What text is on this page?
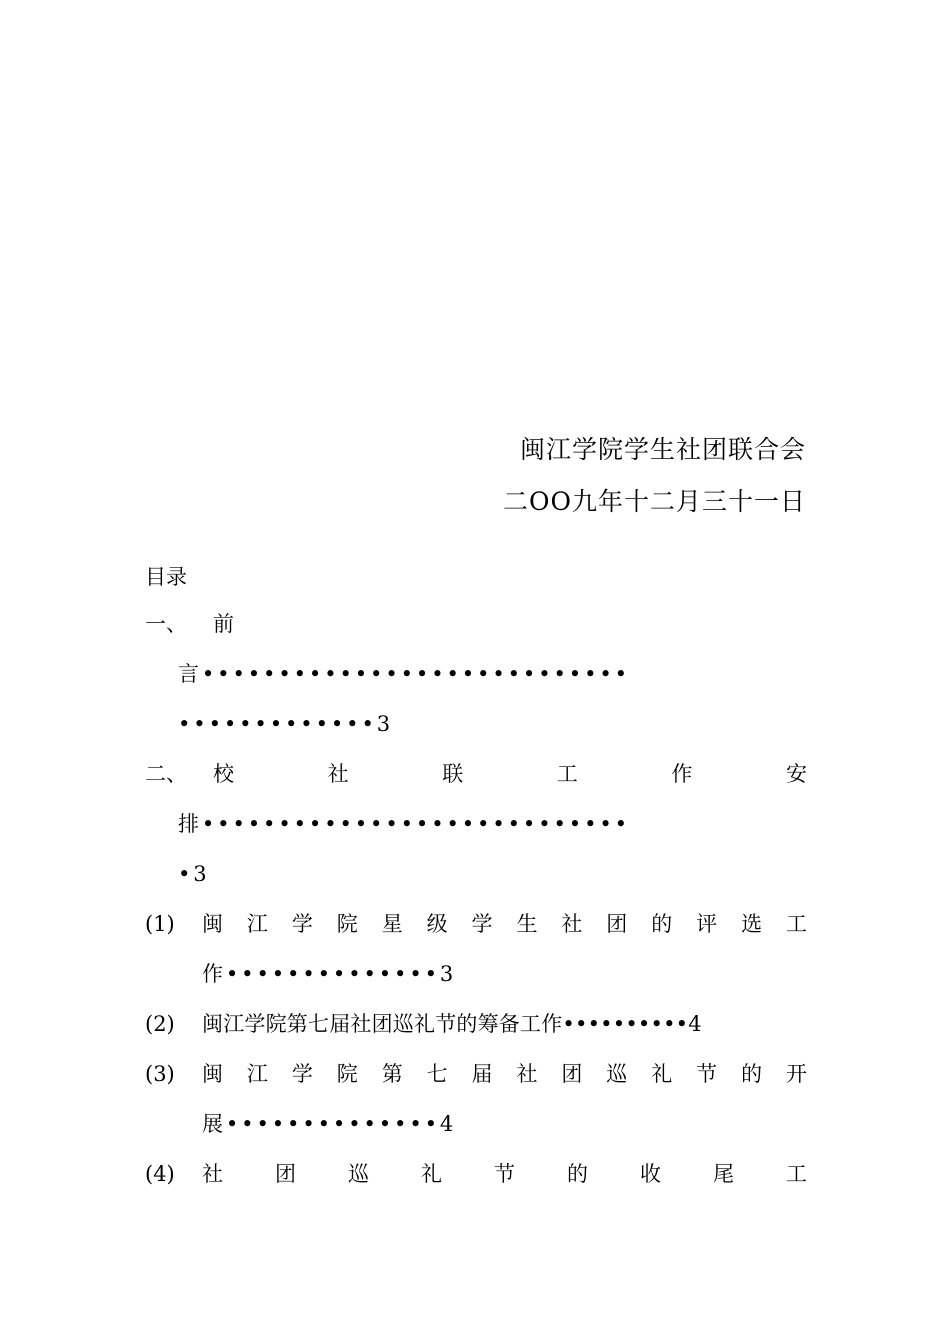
闽江学院学生社团联合会
二OO九年十二月三十一日
目录
一、 前
言••••••••••••••••••••••••••••
•••••••••••••3
二、 校	社	联	工	作	安
排••••••••••••••••••••••••••••
•3
(1) 闽 江 学 院 星 级 学 生 社 团 的 评 选 工
作••••••••••••••3
(2) 闽江学院第七届社团巡礼节的筹备工作••••••••••4
(3) 闽 江 学 院 第 七 届 社 团 巡 礼 节 的 开
展••••••••••••••4
(4) 社 团 巡 礼 节 的 收 尾 工
